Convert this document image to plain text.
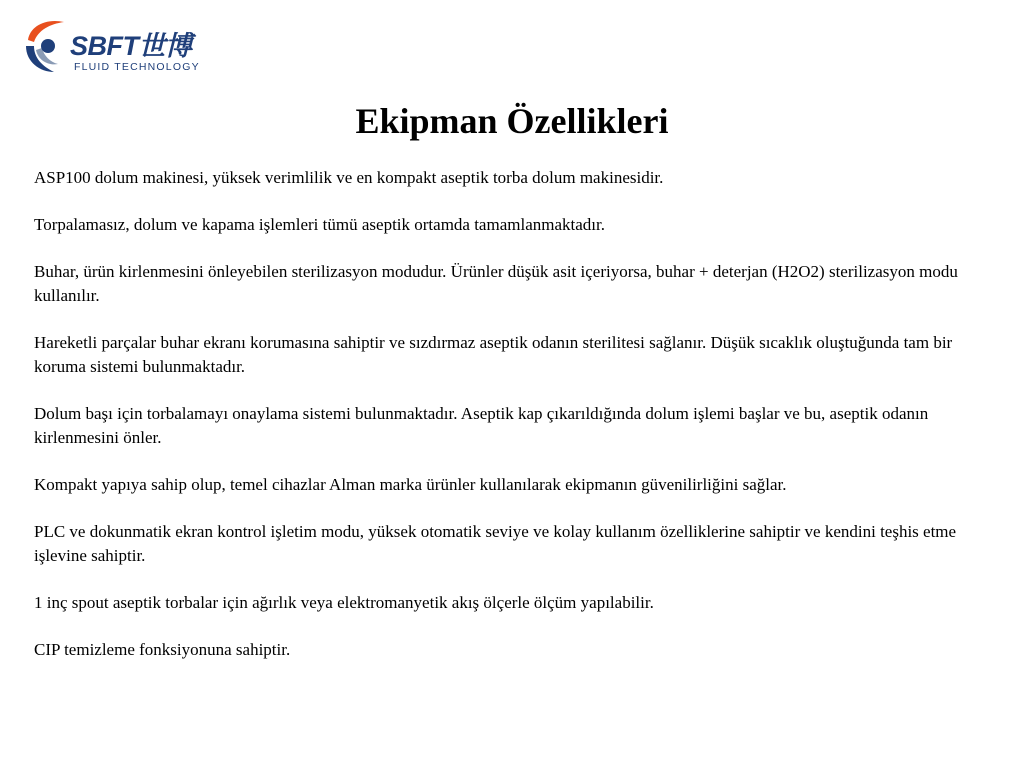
SBFT世博
FLUID TECHNOLOGY
Ekipman Özellikleri

ASP100 dolum makinesi, yüksek verimlilik ve en kompakt aseptik torba dolum makinesidir.

Torpalamasız, dolum ve kapama işlemleri tümü aseptik ortamda tamamlanmaktadır.

Buhar, ürün kirlenmesini önleyebilen sterilizasyon modudur. Ürünler düşük asit içeriyorsa, buhar + deterjan (H2O2) sterilizasyon modu kullanılır.

Hareketli parçalar buhar ekranı korumasına sahiptir ve sızdırmaz aseptik odanın sterilitesi sağlanır. Düşük sıcaklık oluştuğunda tam bir koruma sistemi bulunmaktadır.

Dolum başı için torbalamayı onaylama sistemi bulunmaktadır. Aseptik kap çıkarıldığında dolum işlemi başlar ve bu, aseptik odanın kirlenmesini önler.

Kompakt yapıya sahip olup, temel cihazlar Alman marka ürünler kullanılarak ekipmanın güvenilirliğini sağlar.

PLC ve dokunmatik ekran kontrol işletim modu, yüksek otomatik seviye ve kolay kullanım özelliklerine sahiptir ve kendini teşhis etme işlevine sahiptir.

1 inç spout aseptik torbalar için ağırlık veya elektromanyetik akış ölçerle ölçüm yapılabilir.

CIP temizleme fonksiyonuna sahiptir.
